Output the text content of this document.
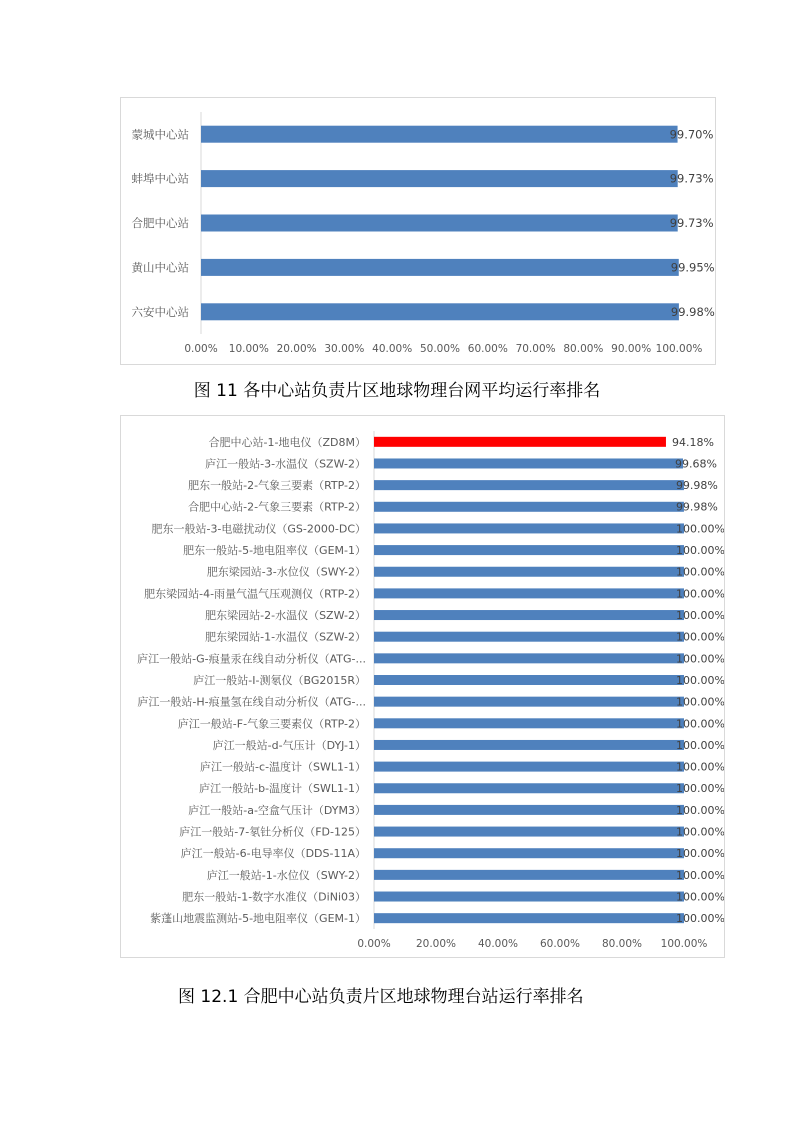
蒙城中心站	99.70%
蚌埠中心站	99.73%
合肥中心站	99.73%
黄山中心站	99.95%
六安中心站	99.98%
0.00% 10.00% 20.00% 30.00% 40.00% 50.00% 60.00% 70.00% 80.00% 90.00% 100.00%
图 11 各中心站负责片区地球物理台网平均运行率排名
合肥中心站-1-地电仪（ZD8M）	94.18%
庐江一般站-3-水温仪（SZW-2）	99.68%
肥东一般站-2-气象三要素（RTP-2）	99.98%
合肥中心站-2-气象三要素（RTP-2）	99.98%
肥东一般站-3-电磁扰动仪（GS-2000-DC）	100.00%
肥东一般站-5-地电阻率仪（GEM-1）	100.00%
肥东梁园站-3-水位仪（SWY-2）	100.00%
肥东梁园站-4-雨量气温气压观测仪（RTP-2）	100.00%
肥东梁园站-2-水温仪（SZW-2）	100.00%
肥东梁园站-1-水温仪（SZW-2）	100.00%
庐江一般站-G-痕量汞在线自动分析仪（ATG-...	100.00%
庐江一般站-I-测氡仪（BG2015R）	100.00%
庐江一般站-H-痕量氢在线自动分析仪（ATG-...	100.00%
庐江一般站-F-气象三要素仪（RTP-2）	100.00%
庐江一般站-d-气压计（DYJ-1）	100.00%
庐江一般站-c-温度计（SWL1-1）	100.00%
庐江一般站-b-温度计（SWL1-1）	100.00%
庐江一般站-a-空盒气压计（DYM3）	100.00%
庐江一般站-7-氡钍分析仪（FD-125）	100.00%
庐江一般站-6-电导率仪（DDS-11A）	100.00%
庐江一般站-1-水位仪（SWY-2）	100.00%
肥东一般站-1-数字水准仪（DiNi03）	100.00%
紫蓬山地震监测站-5-地电阻率仪（GEM-1）	100.00%
0.00% 20.00% 40.00% 60.00% 80.00% 100.00%
图 12.1 合肥中心站负责片区地球物理台站运行率排名
